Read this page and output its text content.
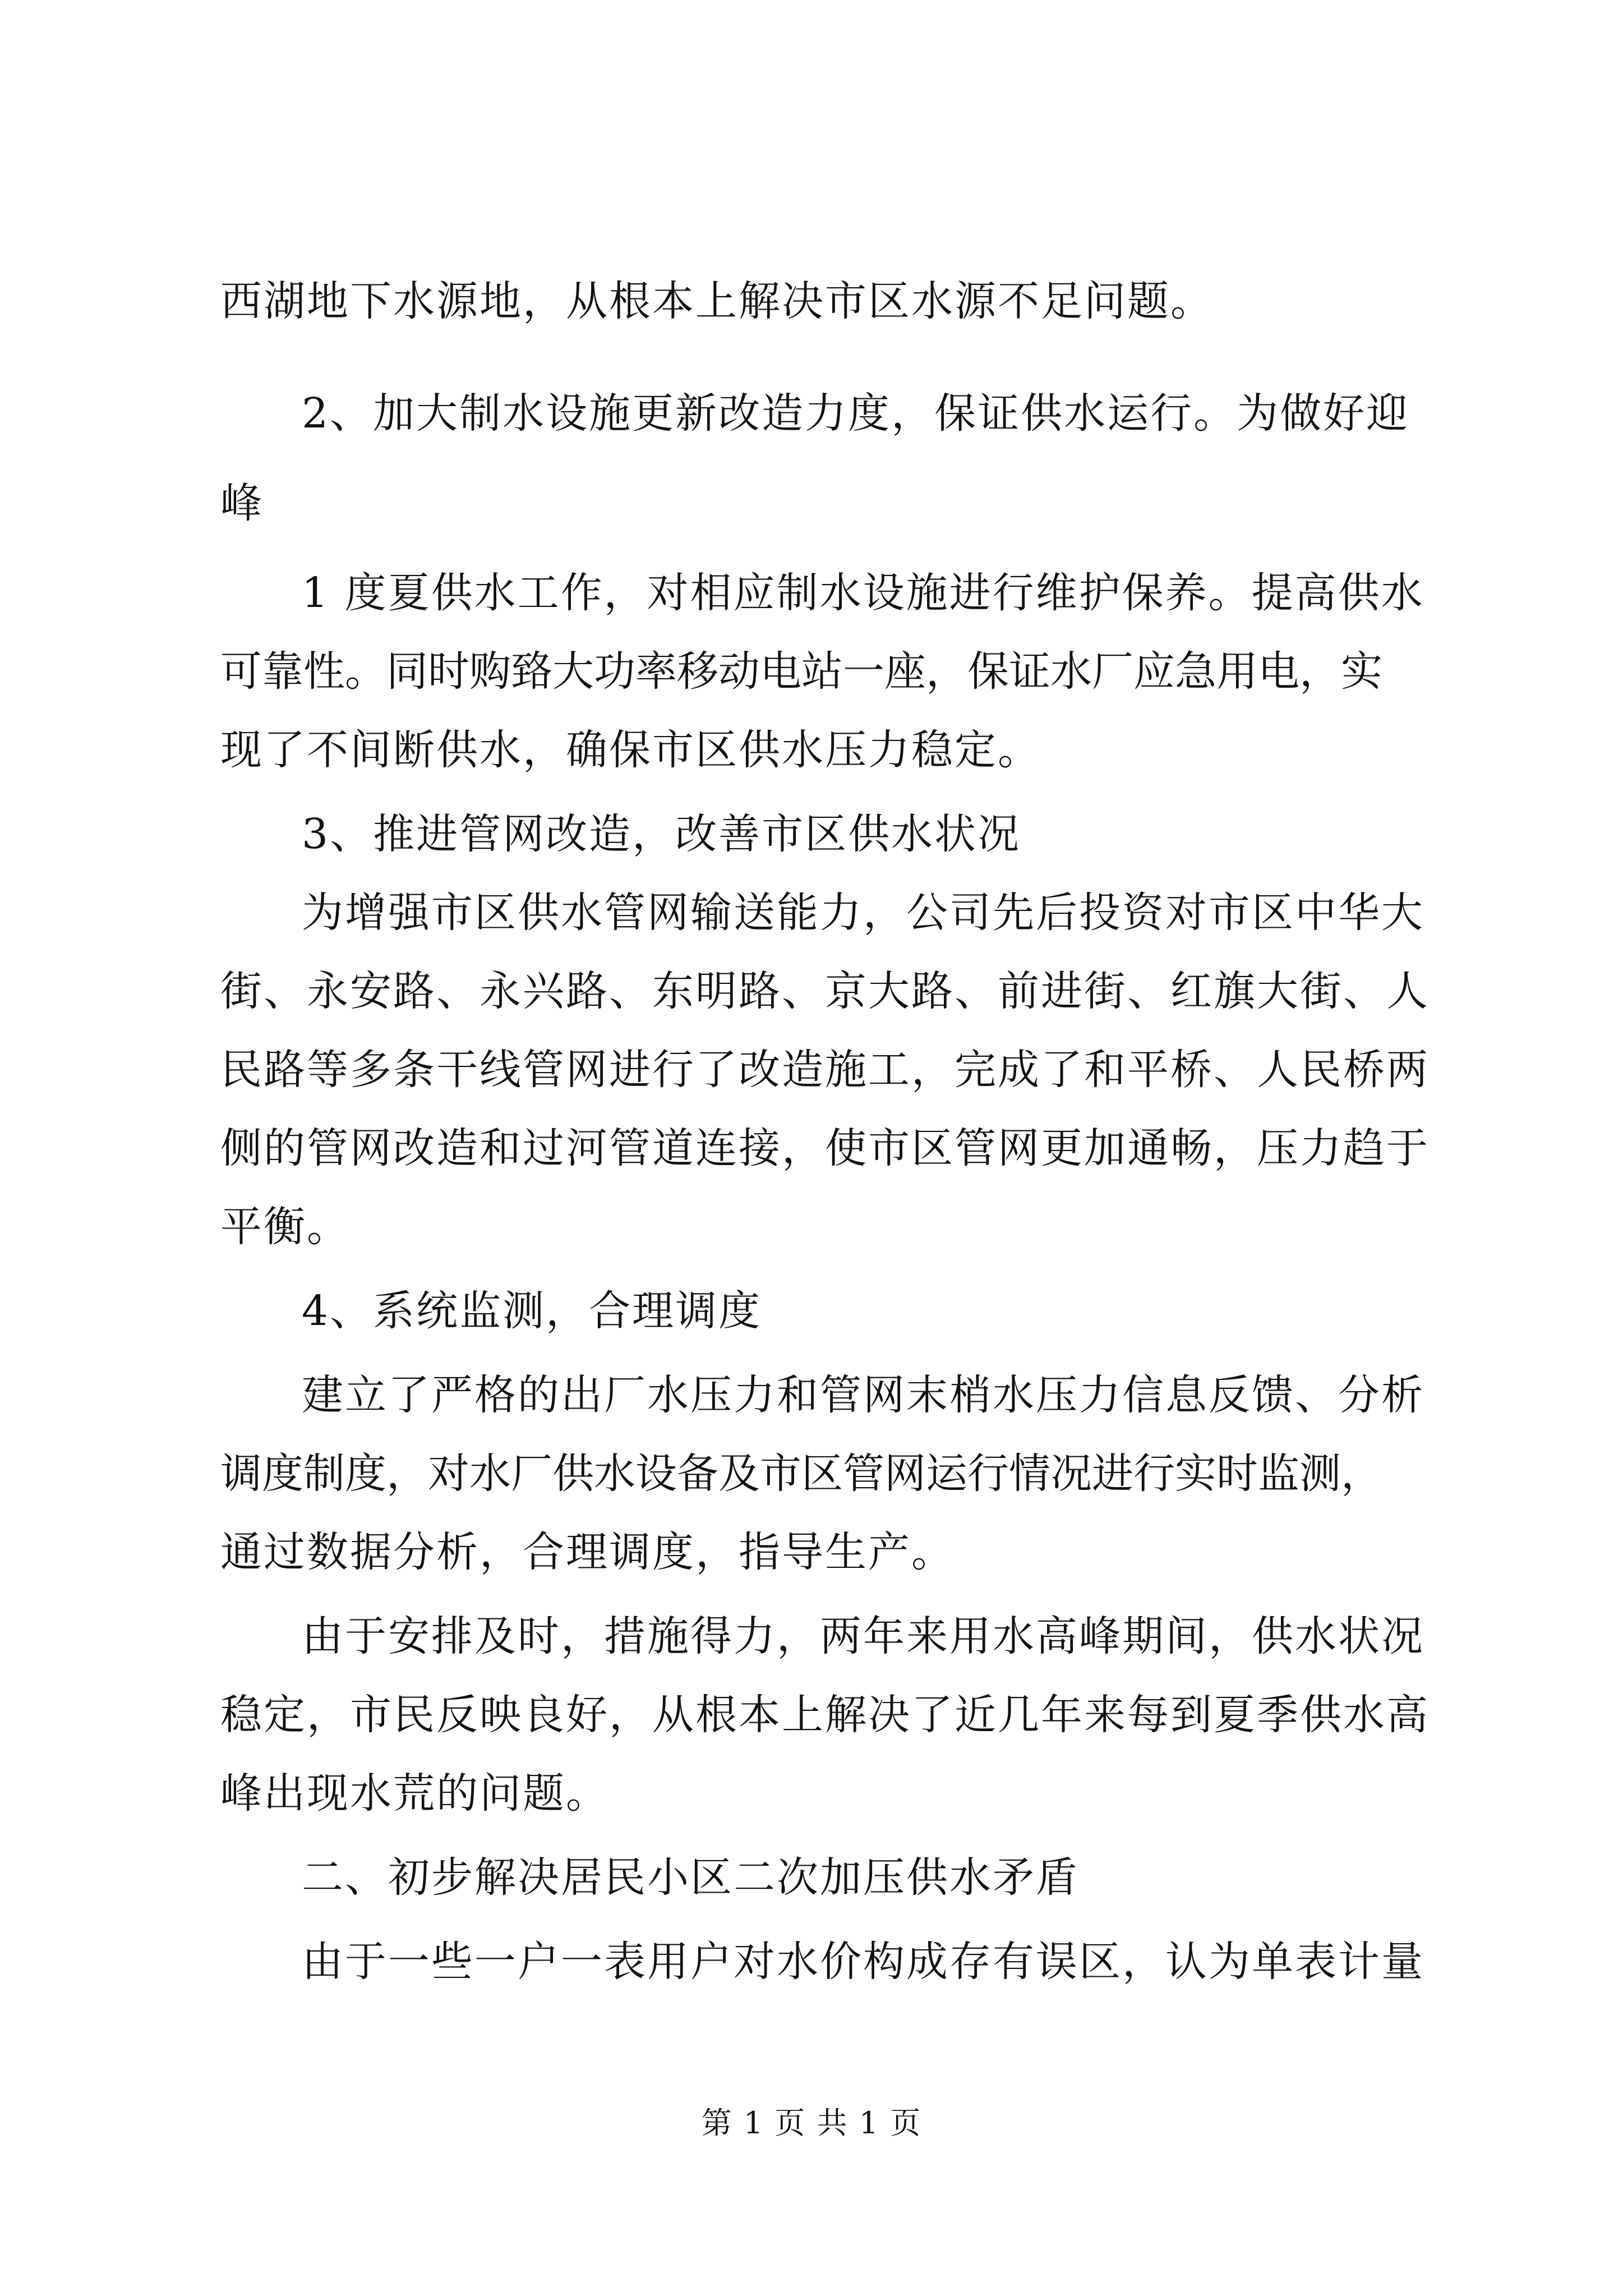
西湖地下水源地，从根本上解决市区水源不足问题。
2、加大制水设施更新改造力度，保证供水运行。为做好迎
峰
1 度夏供水工作，对相应制水设施进行维护保养。提高供水
可靠性。同时购臵大功率移动电站一座，保证水厂应急用电，实
现了不间断供水，确保市区供水压力稳定。
3、推进管网改造，改善市区供水状况
为增强市区供水管网输送能力，公司先后投资对市区中华大
街、永安路、永兴路、东明路、京大路、前进街、红旗大街、人
民路等多条干线管网进行了改造施工，完成了和平桥、人民桥两
侧的管网改造和过河管道连接，使市区管网更加通畅，压力趋于
平衡。
4、系统监测，合理调度
建立了严格的出厂水压力和管网末梢水压力信息反馈、分析
调度制度，对水厂供水设备及市区管网运行情况进行实时监测，
通过数据分析，合理调度，指导生产。
由于安排及时，措施得力，两年来用水高峰期间，供水状况
稳定，市民反映良好，从根本上解决了近几年来每到夏季供水高
峰出现水荒的问题。
二、初步解决居民小区二次加压供水矛盾
由于一些一户一表用户对水价构成存有误区，认为单表计量
第 1 页 共 1 页
